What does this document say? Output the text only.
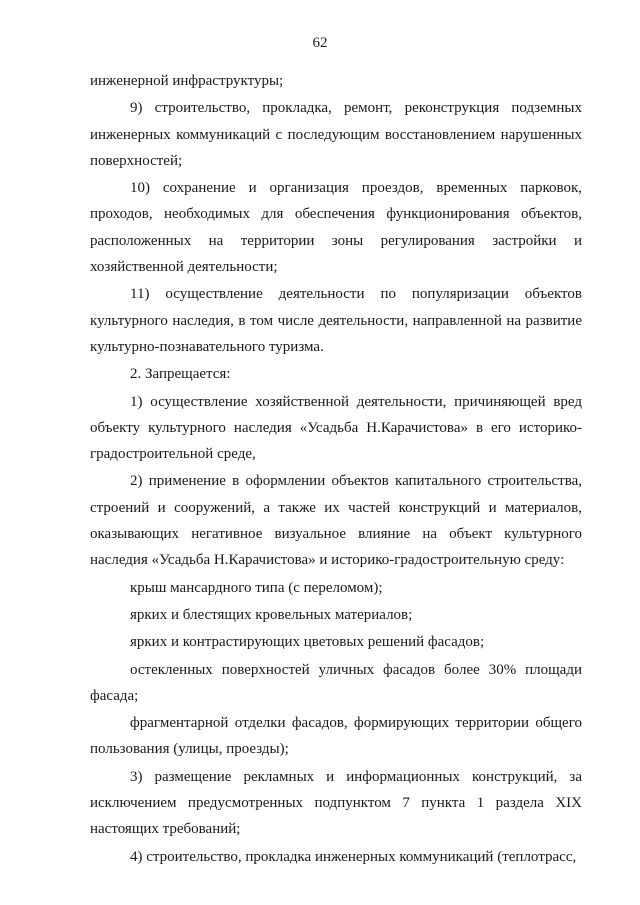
62

инженерной инфраструктуры;

9) строительство, прокладка, ремонт, реконструкция подземных инженерных коммуникаций с последующим восстановлением нарушенных поверхностей;

10) сохранение и организация проездов, временных парковок, проходов, необходимых для обеспечения функционирования объектов, расположенных на территории зоны регулирования застройки и хозяйственной деятельности;

11) осуществление деятельности по популяризации объектов культурного наследия, в том числе деятельности, направленной на развитие культурно-познавательного туризма.

2. Запрещается:

1) осуществление хозяйственной деятельности, причиняющей вред объекту культурного наследия «Усадьба Н.Карачистова» в его историко-градостроительной среде,

2) применение в оформлении объектов капитального строительства, строений и сооружений, а также их частей конструкций и материалов, оказывающих негативное визуальное влияние на объект культурного наследия «Усадьба Н.Карачистова» и историко-градостроительную среду:

крыш мансардного типа (с переломом);

ярких и блестящих кровельных материалов;

ярких и контрастирующих цветовых решений фасадов;

остекленных поверхностей уличных фасадов более 30% площади фасада;

фрагментарной отделки фасадов, формирующих территории общего пользования (улицы, проезды);

3) размещение рекламных и информационных конструкций, за исключением предусмотренных подпунктом 7 пункта 1 раздела XIX настоящих требований;

4) строительство, прокладка инженерных коммуникаций (теплотрасс,
